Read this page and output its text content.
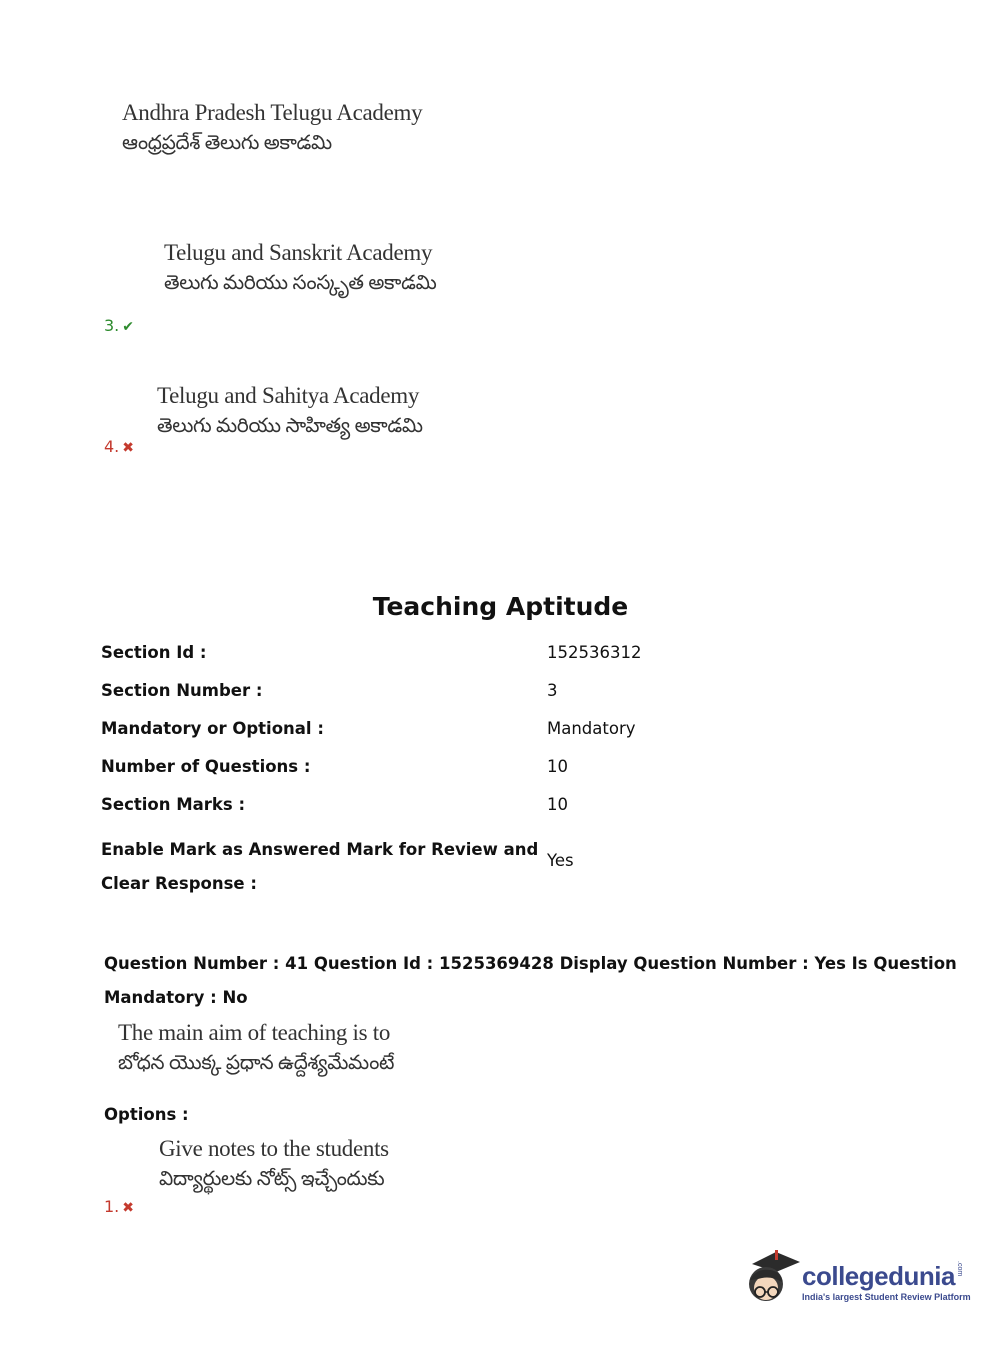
Andhra Pradesh Telugu Academy
ఆంధ్రప్రదేశ్ తెలుగు అకాడమి
Telugu and Sanskrit Academy
తెలుగు మరియు సంస్కృత అకాడమి
3. ✔
Telugu and Sahitya Academy
తెలుగు మరియు సాహిత్య అకాడమి
4. ✖
Teaching Aptitude
Section Id :	152536312
Section Number :	3
Mandatory or Optional :	Mandatory
Number of Questions :	10
Section Marks :	10
Enable Mark as Answered Mark for Review and
Clear Response :
Yes
Question Number : 41 Question Id : 1525369428 Display Question Number : Yes Is Question
Mandatory : No
The main aim of teaching is to
బోధన యొక్క ప్రధాన ఉద్దేశ్యమేమంటే
Options :
Give notes to the students
విద్యార్థులకు నోట్స్ ఇచ్చేందుకు
1. ✖
collegedunia .com
India's largest Student Review Platform
